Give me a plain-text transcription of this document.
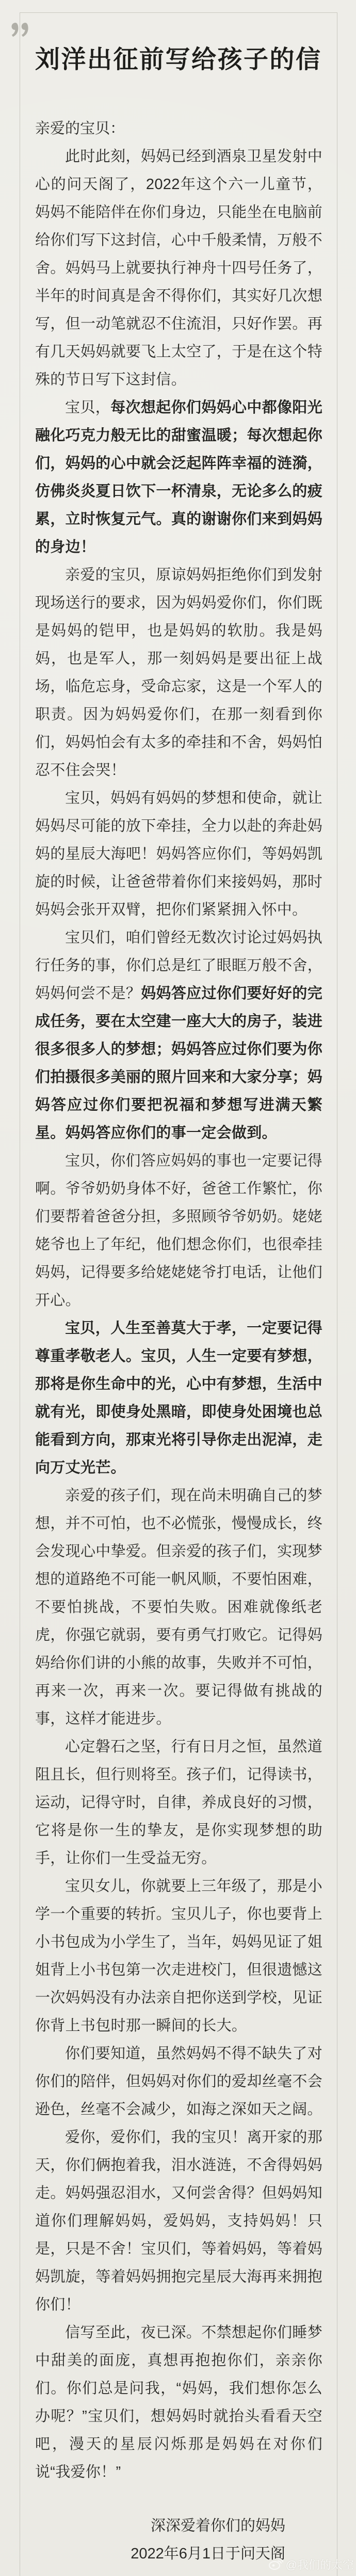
刘洋出征前写给孩子的信
亲爱的宝贝：

此时此刻，妈妈已经到酒泉卫星发射中心的问天阁了，2022年这个六一儿童节，妈妈不能陪伴在你们身边，只能坐在电脑前给你们写下这封信，心中千般柔情，万般不舍。妈妈马上就要执行神舟十四号任务了，半年的时间真是舍不得你们，其实好几次想写，但一动笔就忍不住流泪，只好作罢。再有几天妈妈就要飞上太空了，于是在这个特殊的节日写下这封信。

宝贝，每次想起你们妈妈心中都像阳光融化巧克力般无比的甜蜜温暖；每次想起你们，妈妈的心中就会泛起阵阵幸福的涟漪，仿佛炎炎夏日饮下一杯清泉，无论多么的疲累，立时恢复元气。真的谢谢你们来到妈妈的身边！

亲爱的宝贝，原谅妈妈拒绝你们到发射现场送行的要求，因为妈妈爱你们，你们既是妈妈的铠甲，也是妈妈的软肋。我是妈妈，也是军人，那一刻妈妈是要出征上战场，临危忘身，受命忘家，这是一个军人的职责。因为妈妈爱你们，在那一刻看到你们，妈妈怕会有太多的牵挂和不舍，妈妈怕忍不住会哭！

宝贝，妈妈有妈妈的梦想和使命，就让妈妈尽可能的放下牵挂，全力以赴的奔赴妈妈的星辰大海吧！妈妈答应你们，等妈妈凯旋的时候，让爸爸带着你们来接妈妈，那时妈妈会张开双臂，把你们紧紧拥入怀中。

宝贝们，咱们曾经无数次讨论过妈妈执行任务的事，你们总是红了眼眶万般不舍，妈妈何尝不是？妈妈答应过你们要好好的完成任务，要在太空建一座大大的房子，装进很多很多人的梦想；妈妈答应过你们要为你们拍摄很多美丽的照片回来和大家分享；妈妈答应过你们要把祝福和梦想写进满天繁星。妈妈答应你们的事一定会做到。

宝贝，你们答应妈妈的事也一定要记得啊。爷爷奶奶身体不好，爸爸工作繁忙，你们要帮着爸爸分担，多照顾爷爷奶奶。姥姥姥爷也上了年纪，他们想念你们，也很牵挂妈妈，记得要多给姥姥姥爷打电话，让他们开心。

宝贝，人生至善莫大于孝，一定要记得尊重孝敬老人。宝贝，人生一定要有梦想，那将是你生命中的光，心中有梦想，生活中就有光，即使身处黑暗，即使身处困境也总能看到方向，那束光将引导你走出泥淖，走向万丈光芒。

亲爱的孩子们，现在尚未明确自己的梦想，并不可怕，也不必慌张，慢慢成长，终会发现心中挚爱。但亲爱的孩子们，实现梦想的道路绝不可能一帆风顺，不要怕困难，不要怕挑战，不要怕失败。困难就像纸老虎，你强它就弱，要有勇气打败它。记得妈妈给你们讲的小熊的故事，失败并不可怕，再来一次，再来一次。要记得做有挑战的事，这样才能进步。

心定磐石之坚，行有日月之恒，虽然道阻且长，但行则将至。孩子们，记得读书，运动，记得守时，自律，养成良好的习惯，它将是你一生的挚友，是你实现梦想的助手，让你们一生受益无穷。

宝贝女儿，你就要上三年级了，那是小学一个重要的转折。宝贝儿子，你也要背上小书包成为小学生了，当年，妈妈见证了姐姐背上小书包第一次走进校门，但很遗憾这一次妈妈没有办法亲自把你送到学校，见证你背上书包时那一瞬间的长大。

你们要知道，虽然妈妈不得不缺失了对你们的陪伴，但妈妈对你们的爱却丝毫不会逊色，丝毫不会减少，如海之深如天之阔。

爱你，爱你们，我的宝贝！离开家的那天，你们俩抱着我，泪水涟涟，不舍得妈妈走。妈妈强忍泪水，又何尝舍得？但妈妈知道你们理解妈妈，爱妈妈，支持妈妈！只是，只是不舍！宝贝们，等着妈妈，等着妈妈凯旋，等着妈妈拥抱完星辰大海再来拥抱你们！

信写至此，夜已深。不禁想起你们睡梦中甜美的面庞，真想再抱抱你们，亲亲你们。你们总是问我，“妈妈，我们想你怎么办呢？”宝贝们，想妈妈时就抬头看看天空吧，漫天的星辰闪烁那是妈妈在对你们说“我爱你！”

深深爱着你们的妈妈
2022年6月1日于问天阁
@我们的太空
